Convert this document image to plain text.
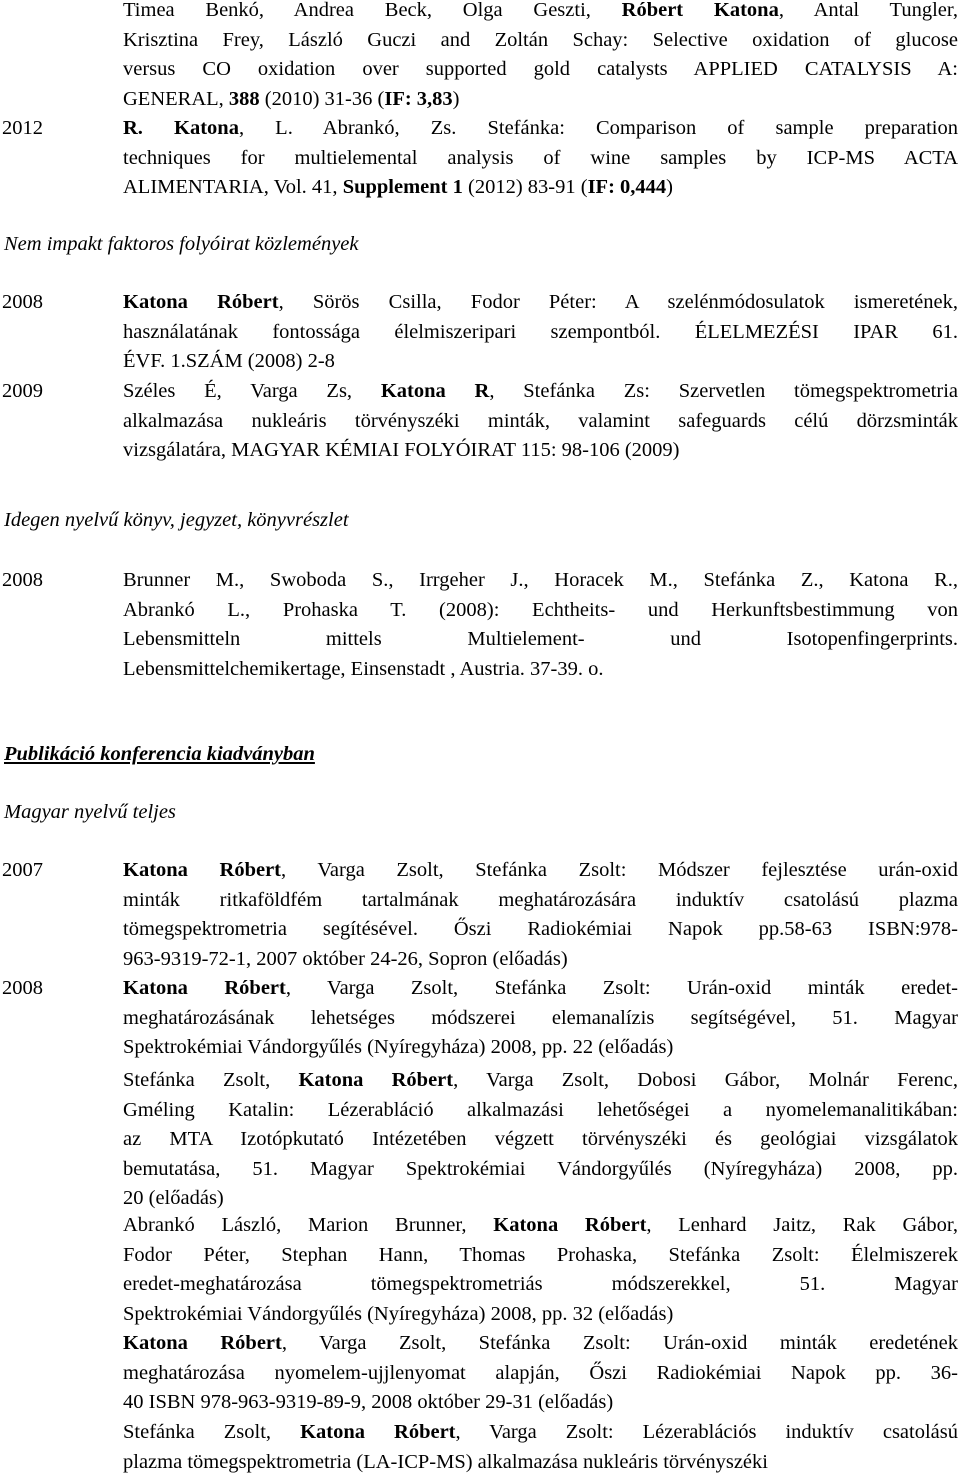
Timea Benkó, Andrea Beck, Olga Geszti, Róbert Katona, Antal Tungler,
Krisztina Frey, László Guczi and Zoltán Schay: Selective oxidation of glucose
versus CO oxidation over supported gold catalysts APPLIED CATALYSIS A:
GENERAL, 388 (2010) 31-36 (IF: 3,83)
2012	R. Katona, L. Abrankó, Zs. Stefánka: Comparison of sample preparation
techniques for multielemental analysis of wine samples by ICP-MS ACTA
ALIMENTARIA, Vol. 41, Supplement 1 (2012) 83-91 (IF: 0,444)
Nem impakt faktoros folyóirat közlemények
2008	Katona Róbert, Sörös Csilla, Fodor Péter: A szelénmódosulatok ismeretének,
használatának fontossága élelmiszeripari szempontból. ÉLELMEZÉSI IPAR 61.
ÉVF. 1.SZÁM (2008) 2-8
2009	Széles É, Varga Zs, Katona R, Stefánka Zs: Szervetlen tömegspektrometria
alkalmazása nukleáris törvényszéki minták, valamint safeguards célú dörzsminták
vizsgálatára, MAGYAR KÉMIAI FOLYÓIRAT 115: 98-106 (2009)
Idegen nyelvű könyv, jegyzet, könyvrészlet
2008	Brunner M., Swoboda S., Irrgeher J., Horacek M., Stefánka Z., Katona R.,
Abrankó L., Prohaska T. (2008): Echtheits- und Herkunftsbestimmung von
Lebensmitteln mittels Multielement- und Isotopenfingerprints.
Lebensmittelchemikertage, Einsenstadt , Austria. 37-39. o.
Publikáció konferencia kiadványban
Magyar nyelvű teljes
2007	Katona Róbert, Varga Zsolt, Stefánka Zsolt: Módszer fejlesztése urán-oxid
minták ritkaföldfém tartalmának meghatározására induktív csatolású plazma
tömegspektrometria segítésével. Őszi Radiokémiai Napok pp.58-63 ISBN:978-
963-9319-72-1, 2007 október 24-26, Sopron (előadás)
2008	Katona Róbert, Varga Zsolt, Stefánka Zsolt: Urán-oxid minták eredet-
meghatározásának lehetséges módszerei elemanalízis segítségével, 51. Magyar
Spektrokémiai Vándorgyűlés (Nyíregyháza) 2008, pp. 22 (előadás)
Stefánka Zsolt, Katona Róbert, Varga Zsolt, Dobosi Gábor, Molnár Ferenc,
Gméling Katalin: Lézerabláció alkalmazási lehetőségei a nyomelemanalitikában:
az MTA Izotópkutató Intézetében végzett törvényszéki és geológiai vizsgálatok
bemutatása, 51. Magyar Spektrokémiai Vándorgyűlés (Nyíregyháza) 2008, pp.
20 (előadás)
Abrankó László, Marion Brunner, Katona Róbert, Lenhard Jaitz, Rak Gábor,
Fodor Péter, Stephan Hann, Thomas Prohaska, Stefánka Zsolt: Élelmiszerek
eredet-meghatározása tömegspektrometriás módszerekkel, 51. Magyar
Spektrokémiai Vándorgyűlés (Nyíregyháza) 2008, pp. 32 (előadás)
Katona Róbert, Varga Zsolt, Stefánka Zsolt: Urán-oxid minták eredetének
meghatározása nyomelem-ujjlenyomat alapján, Őszi Radiokémiai Napok pp. 36-
40 ISBN 978-963-9319-89-9, 2008 október 29-31 (előadás)
Stefánka Zsolt, Katona Róbert, Varga Zsolt: Lézerablációs induktív csatolású
plazma tömegspektrometria (LA-ICP-MS) alkalmazása nukleáris törvényszéki
